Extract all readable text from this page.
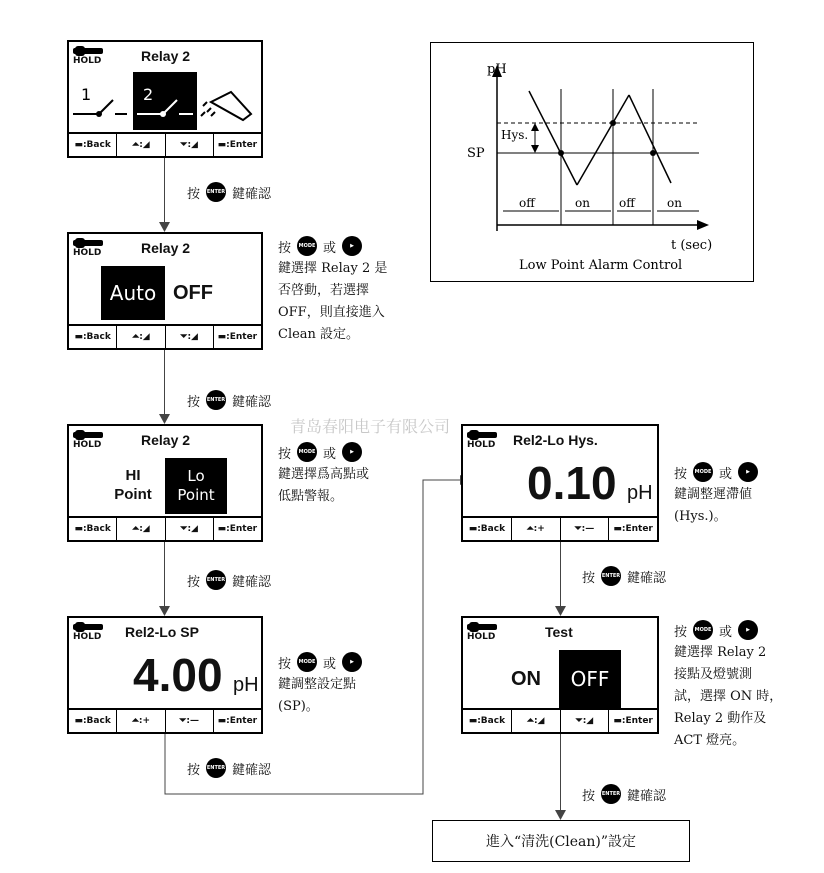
HOLD	Relay 2
1	2
▬: Back	⏶:◢	⏷:◢	▬: Enter
按 ENTER 鍵確認
HOLD	Relay 2
Auto OFF
▬: Back	⏶:◢	⏷:◢	▬: Enter
按	MODE 或	▶
鍵選擇 Relay 2 是
否啓動，若選擇
OFF，則直接進入
Clean 設定。
按 ENTER 鍵確認
青岛春阳电子有限公司
HOLD	Relay 2
HI
Point
Lo
Point
▬: Back	⏶:◢	⏷:◢	▬: Enter
按	MODE 或	▶
鍵選擇爲高點或
低點警報。
按 ENTER 鍵確認
HOLD Rel2-Lo SP
4.00 pH
▬: Back	⏶: +	⏷: —	▬: Enter
按	MODE 或	▶
鍵調整設定點
(SP)。
按 ENTER 鍵確認
pH
t (sec)
SP
Hys.
off	on off	on
Low Point Alarm Control
HOLD Rel2-Lo Hys.
0.10 pH
▬: Back	⏶: +	⏷: —	▬: Enter
按	MODE 或	▶
鍵調整遲滯値
(Hys.)。
按 ENTER 鍵確認
HOLD	Test
ON	OFF
▬: Back	⏶:◢	⏷:◢	▬: Enter
按	MODE 或	▶
鍵選擇 Relay 2
接點及燈號測
試，選擇 ON 時，
Relay 2 動作及
ACT 燈亮。
按 ENTER 鍵確認
進入“清洗(Clean)”設定
